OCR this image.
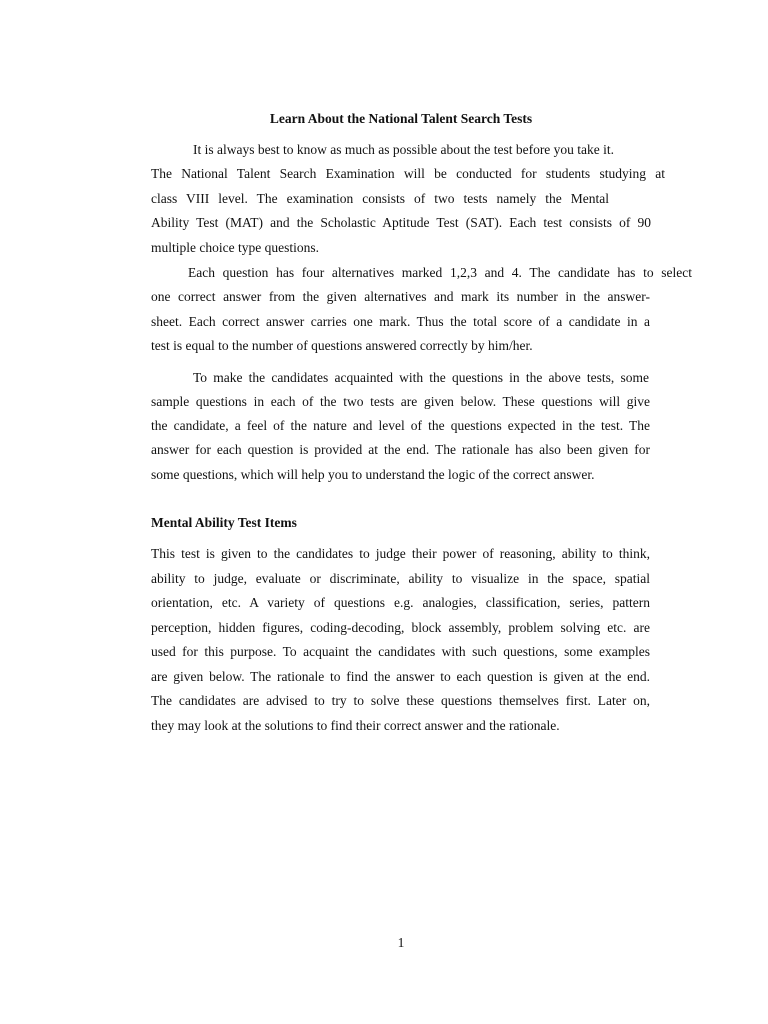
Learn About the National Talent Search Tests
It is always best to know as much as possible about the test before you take it.
The National Talent Search Examination will be conducted for students studying at
class VIII level. The examination consists of two tests namely the Mental
Ability Test (MAT) and the Scholastic Aptitude Test (SAT). Each test consists of 90
multiple choice type questions.
Each question has four alternatives marked 1,2,3 and 4. The candidate has to select
one correct answer from the given alternatives and mark its number in the answer-
sheet. Each correct answer carries one mark. Thus the total score of a candidate in a
test is equal to the number of questions answered correctly by him/her.
To make the candidates acquainted with the questions in the above tests, some
sample questions in each of the two tests are given below. These questions will give
the candidate, a feel of the nature and level of the questions expected in the test. The
answer for each question is provided at the end. The rationale has also been given for
some questions, which will help you to understand the logic of the correct answer.
Mental Ability Test Items
This test is given to the candidates to judge their power of reasoning, ability to think,
ability to judge, evaluate or discriminate, ability to visualize in the space, spatial
orientation, etc. A variety of questions e.g. analogies, classification, series, pattern
perception, hidden figures, coding-decoding, block assembly, problem solving etc. are
used for this purpose. To acquaint the candidates with such questions, some examples
are given below. The rationale to find the answer to each question is given at the end.
The candidates are advised to try to solve these questions themselves first. Later on,
they may look at the solutions to find their correct answer and the rationale.
1
